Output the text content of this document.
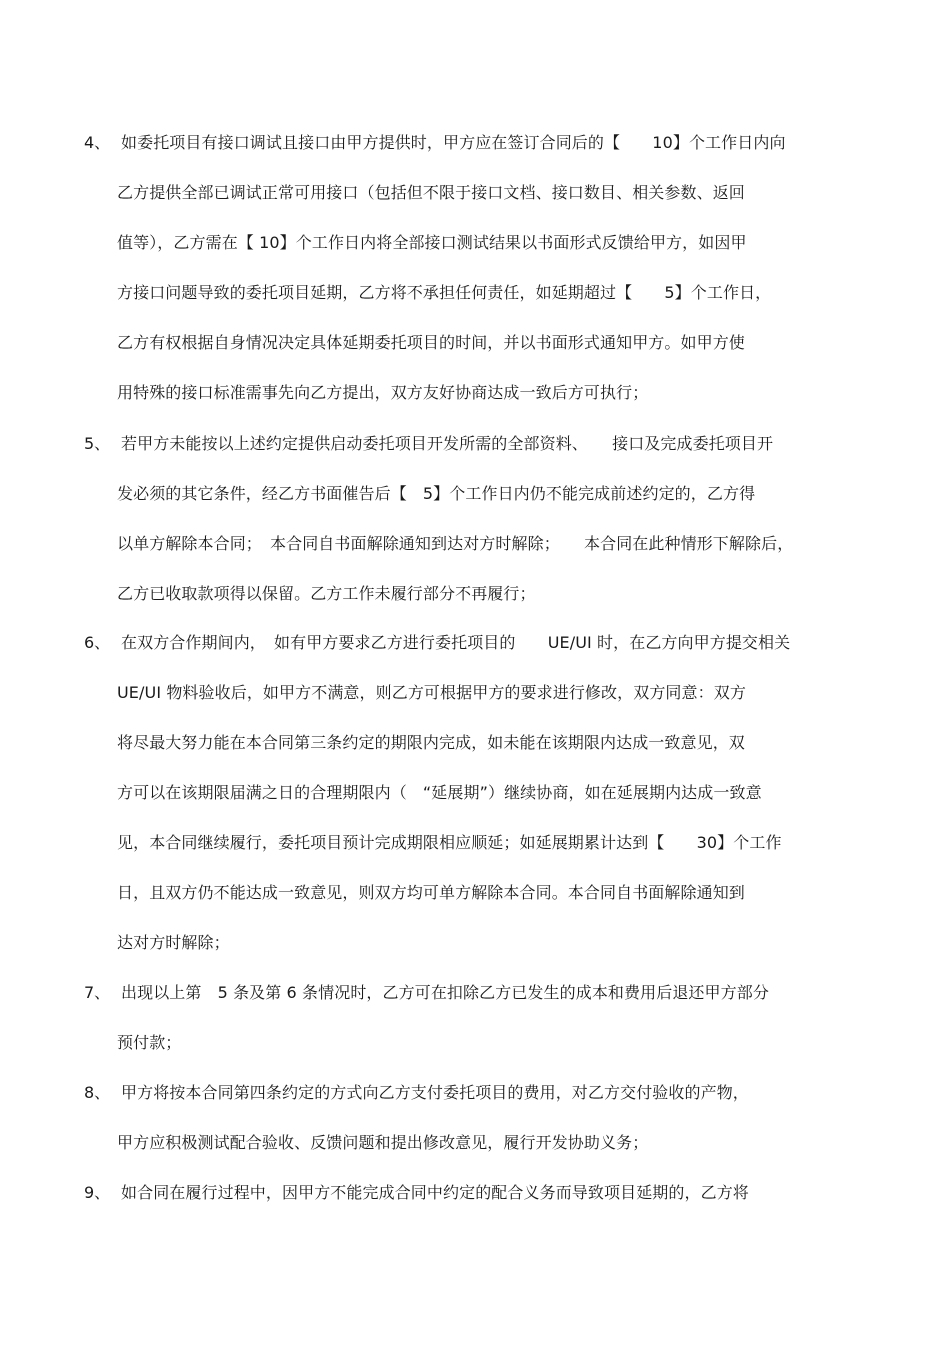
4、 如委托项目有接口调试且接口由甲方提供时，甲方应在签订合同后的【　　10】个工作日内向
乙方提供全部已调试正常可用接口（包括但不限于接口文档、接口数目、相关参数、返回
值等），乙方需在【 10】个工作日内将全部接口测试结果以书面形式反馈给甲方，如因甲
方接口问题导致的委托项目延期，乙方将不承担任何责任，如延期超过【　　5】个工作日，
乙方有权根据自身情况决定具体延期委托项目的时间，并以书面形式通知甲方。如甲方使
用特殊的接口标准需事先向乙方提出，双方友好协商达成一致后方可执行；
5、 若甲方未能按以上述约定提供启动委托项目开发所需的全部资料、　　接口及完成委托项目开
发必须的其它条件，经乙方书面催告后【　5】个工作日内仍不能完成前述约定的，乙方得
以单方解除本合同；　本合同自书面解除通知到达对方时解除；　　本合同在此种情形下解除后，
乙方已收取款项得以保留。乙方工作未履行部分不再履行；
6、 在双方合作期间内，　如有甲方要求乙方进行委托项目的　　UE/UI 时，在乙方向甲方提交相关
UE/UI 物料验收后，如甲方不满意，则乙方可根据甲方的要求进行修改，双方同意：双方
将尽最大努力能在本合同第三条约定的期限内完成，如未能在该期限内达成一致意见，双
方可以在该期限届满之日的合理期限内（　“延展期”）继续协商，如在延展期内达成一致意
见，本合同继续履行，委托项目预计完成期限相应顺延；如延展期累计达到【　　30】个工作
日，且双方仍不能达成一致意见，则双方均可单方解除本合同。本合同自书面解除通知到
达对方时解除；
7、 出现以上第　5 条及第 6 条情况时，乙方可在扣除乙方已发生的成本和费用后退还甲方部分
预付款；
8、 甲方将按本合同第四条约定的方式向乙方支付委托项目的费用，对乙方交付验收的产物，
甲方应积极测试配合验收、反馈问题和提出修改意见，履行开发协助义务；
9、 如合同在履行过程中，因甲方不能完成合同中约定的配合义务而导致项目延期的，乙方将
